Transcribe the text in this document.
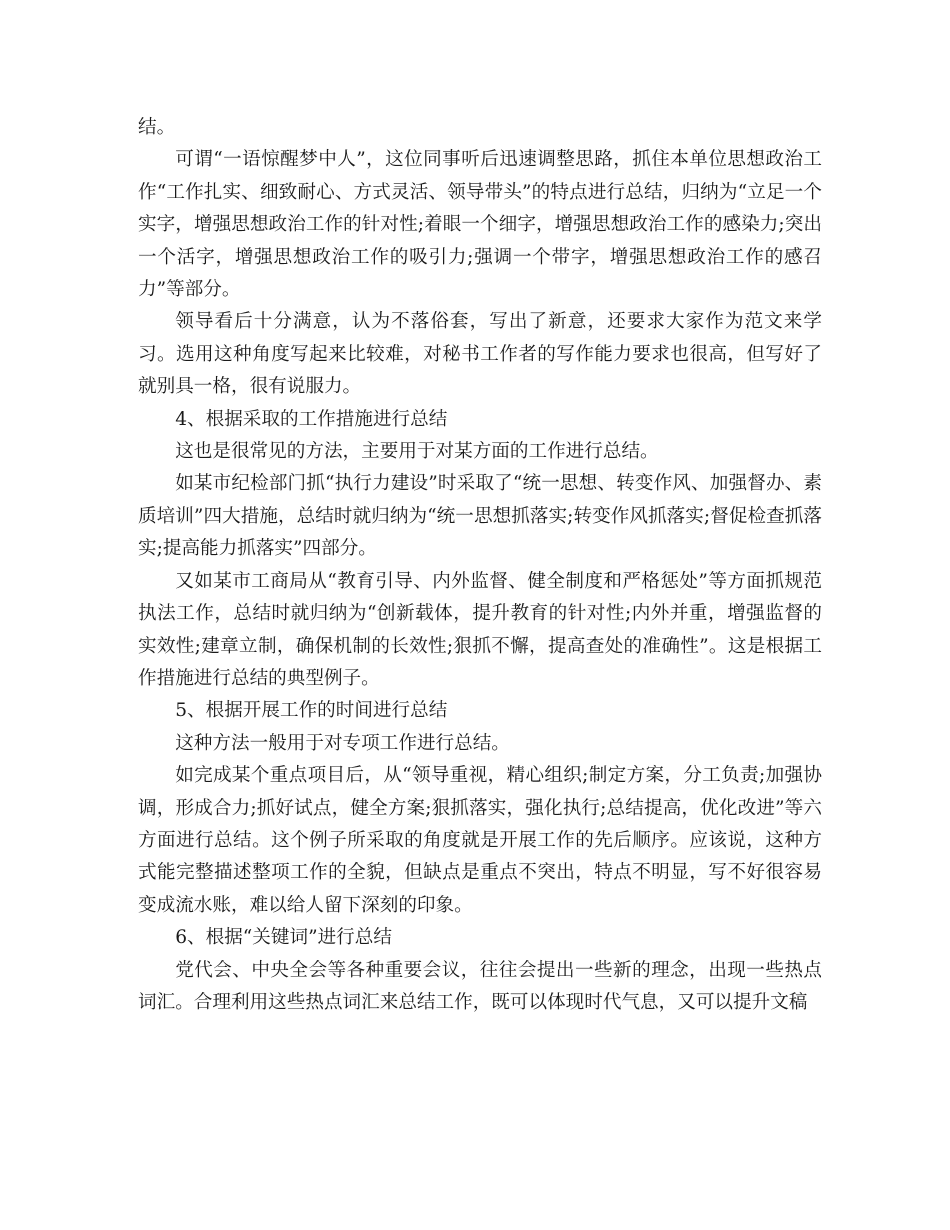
结。

可谓“一语惊醒梦中人”，这位同事听后迅速调整思路，抓住本单位思想政治工作“工作扎实、细致耐心、方式灵活、领导带头”的特点进行总结，归纳为“立足一个实字，增强思想政治工作的针对性;着眼一个细字，增强思想政治工作的感染力;突出一个活字，增强思想政治工作的吸引力;强调一个带字，增强思想政治工作的感召力”等部分。

领导看后十分满意，认为不落俗套，写出了新意，还要求大家作为范文来学习。选用这种角度写起来比较难，对秘书工作者的写作能力要求也很高，但写好了就别具一格，很有说服力。

4、根据采取的工作措施进行总结

这也是很常见的方法，主要用于对某方面的工作进行总结。

如某市纪检部门抓“执行力建设”时采取了“统一思想、转变作风、加强督办、素质培训”四大措施，总结时就归纳为“统一思想抓落实;转变作风抓落实;督促检查抓落实;提高能力抓落实”四部分。

又如某市工商局从“教育引导、内外监督、健全制度和严格惩处”等方面抓规范执法工作，总结时就归纳为“创新载体，提升教育的针对性;内外并重，增强监督的实效性;建章立制，确保机制的长效性;狠抓不懈，提高查处的准确性”。这是根据工作措施进行总结的典型例子。

5、根据开展工作的时间进行总结

这种方法一般用于对专项工作进行总结。

如完成某个重点项目后，从“领导重视，精心组织;制定方案，分工负责;加强协调，形成合力;抓好试点，健全方案;狠抓落实，强化执行;总结提高，优化改进”等六方面进行总结。这个例子所采取的角度就是开展工作的先后顺序。应该说，这种方式能完整描述整项工作的全貌，但缺点是重点不突出，特点不明显，写不好很容易变成流水账，难以给人留下深刻的印象。

6、根据“关键词”进行总结

党代会、中央全会等各种重要会议，往往会提出一些新的理念，出现一些热点词汇。合理利用这些热点词汇来总结工作，既可以体现时代气息，又可以提升文稿
